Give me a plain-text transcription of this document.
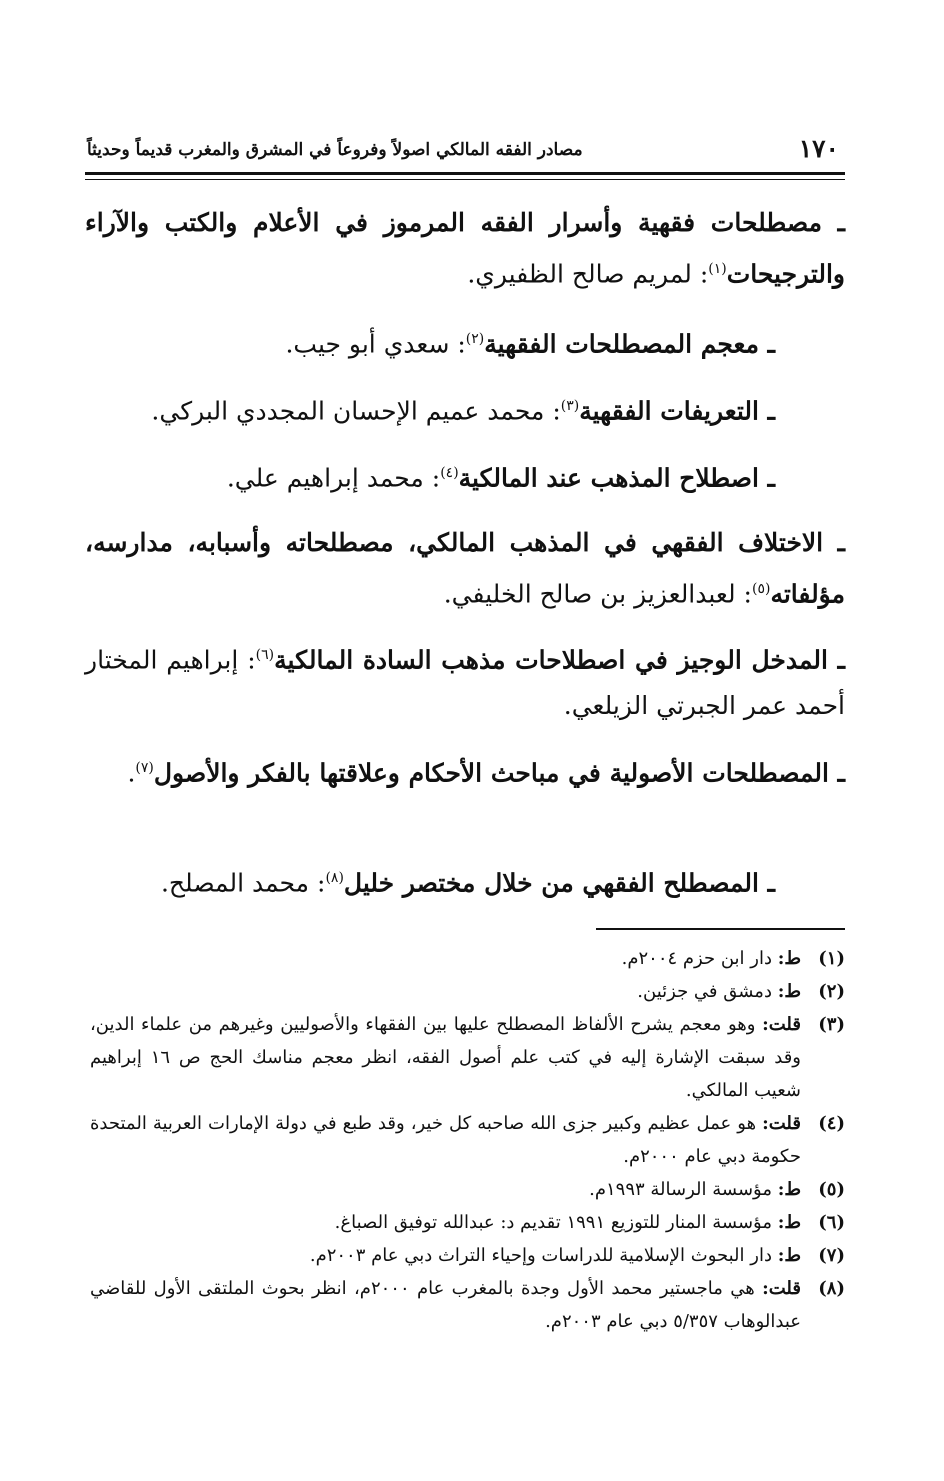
١٧٠
مصادر الفقه المالكي اصولاً وفروعاً في المشرق والمغرب قديماً وحديثاً

ـ مصطلحات فقهية وأسرار الفقه المرموز في الأعلام والكتب والآراء والترجيحات$^{(١)}$: لمريم صالح الظفيري.

ـ معجم المصطلحات الفقهية$^{(٢)}$: سعدي أبو جيب.

ـ التعريفات الفقهية$^{(٣)}$: محمد عميم الإحسان المجددي البركي.

ـ اصطلاح المذهب عند المالكية$^{(٤)}$: محمد إبراهيم علي.

ـ الاختلاف الفقهي في المذهب المالكي، مصطلحاته وأسبابه، مدارسه، مؤلفاته$^{(٥)}$: لعبدالعزيز بن صالح الخليفي.

ـ المدخل الوجيز في اصطلاحات مذهب السادة المالكية$^{(٦)}$: إبراهيم المختار أحمد عمر الجبرتي الزيلعي.

ـ المصطلحات الأصولية في مباحث الأحكام وعلاقتها بالفكر والأصول$^{(٧)}$.

ـ المصطلح الفقهي من خلال مختصر خليل$^{(٨)}$: محمد المصلح.

(١)
ط: دار ابن حزم ٢٠٠٤م.
(٢)
ط: دمشق في جزئين.
(٣)
قلت: وهو معجم يشرح الألفاظ المصطلح عليها بين الفقهاء والأصوليين وغيرهم من علماء الدين، وقد سبقت الإشارة إليه في كتب علم أصول الفقه، انظر معجم مناسك الحج ص ١٦ إبراهيم شعيب المالكي.
(٤)
قلت: هو عمل عظيم وكبير جزى الله صاحبه كل خير، وقد طبع في دولة الإمارات العربية المتحدة حكومة دبي عام ٢٠٠٠م.
(٥)
ط: مؤسسة الرسالة ١٩٩٣م.
(٦)
ط: مؤسسة المنار للتوزيع ١٩٩١ تقديم د: عبدالله توفيق الصباغ.
(٧)
ط: دار البحوث الإسلامية للدراسات وإحياء التراث دبي عام ٢٠٠٣م.
(٨)
قلت: هي ماجستير محمد الأول وجدة بالمغرب عام ٢٠٠٠م، انظر بحوث الملتقى الأول للقاضي عبدالوهاب ٥/٣٥٧ دبي عام ٢٠٠٣م.
